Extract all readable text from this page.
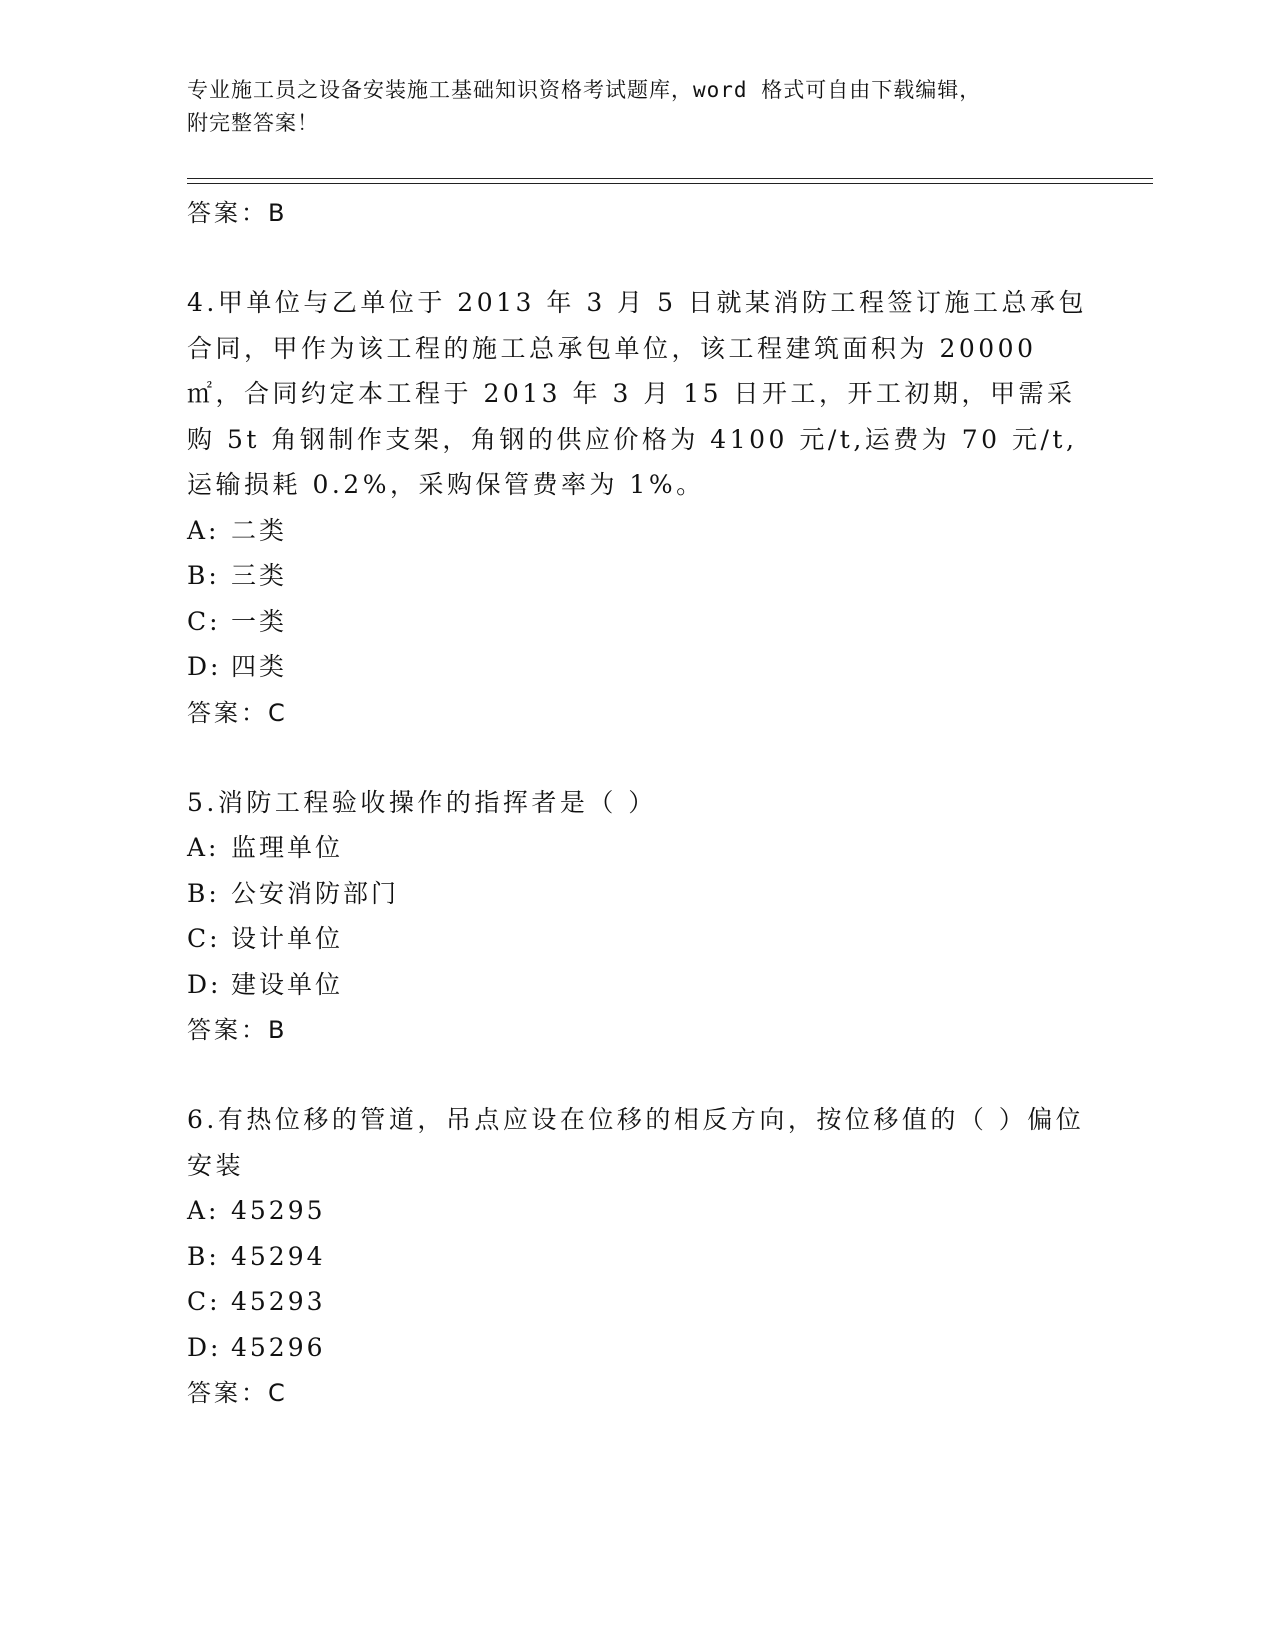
专业施工员之设备安装施工基础知识资格考试题库，word 格式可自由下载编辑，
附完整答案！
答案：B
4.甲单位与乙单位于 2013 年 3 月 5 日就某消防工程签订施工总承包合同，甲作为该工程的施工总承包单位，该工程建筑面积为 20000㎡，合同约定本工程于 2013 年 3 月 15 日开工，开工初期，甲需采购 5t 角钢制作支架，角钢的供应价格为 4100 元/t,运费为 70 元/t,运输损耗 0.2%，采购保管费率为 1%。
A: 二类
B: 三类
C: 一类
D: 四类
答案：C
5.消防工程验收操作的指挥者是（ ）
A: 监理单位
B: 公安消防部门
C: 设计单位
D: 建设单位
答案：B
6.有热位移的管道，吊点应设在位移的相反方向，按位移值的（ ）偏位安装
A: 45295
B: 45294
C: 45293
D: 45296
答案：C
